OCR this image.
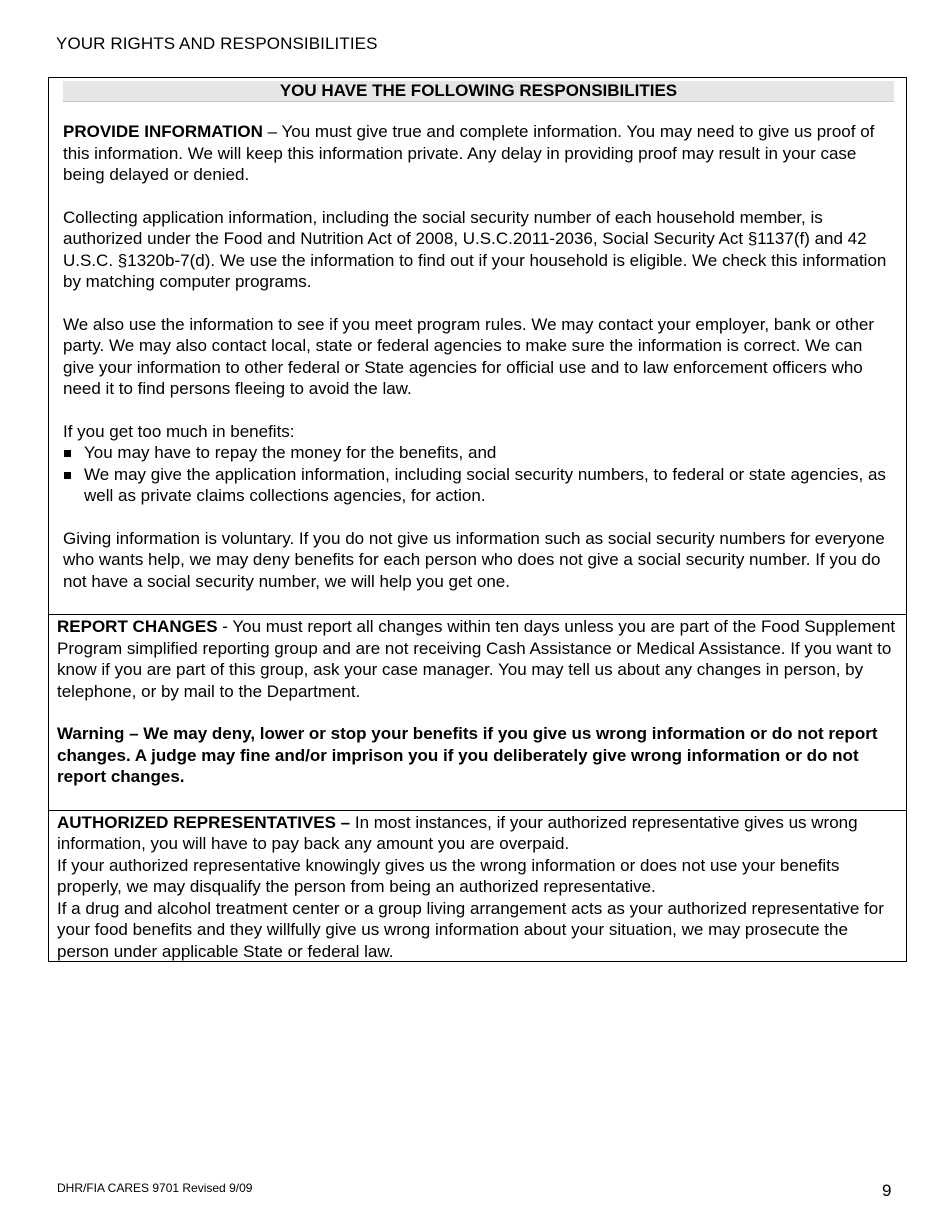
YOUR RIGHTS AND RESPONSIBILITIES
YOU HAVE THE FOLLOWING RESPONSIBILITIES

PROVIDE INFORMATION – You must give true and complete information. You may need to give us proof of this information. We will keep this information private. Any delay in providing proof may result in your case being delayed or denied.

Collecting application information, including the social security number of each household member, is authorized under the Food and Nutrition Act of 2008, U.S.C.2011-2036, Social Security Act §1137(f) and 42 U.S.C. §1320b-7(d). We use the information to find out if your household is eligible. We check this information by matching computer programs.

We also use the information to see if you meet program rules. We may contact your employer, bank or other party. We may also contact local, state or federal agencies to make sure the information is correct. We can give your information to other federal or State agencies for official use and to law enforcement officers who need it to find persons fleeing to avoid the law.

If you get too much in benefits:

You may have to repay the money for the benefits, and
We may give the application information, including social security numbers, to federal or state agencies, as well as private claims collections agencies, for action.

Giving information is voluntary. If you do not give us information such as social security numbers for everyone who wants help, we may deny benefits for each person who does not give a social security number. If you do not have a social security number, we will help you get one.

REPORT CHANGES - You must report all changes within ten days unless you are part of the Food Supplement Program simplified reporting group and are not receiving Cash Assistance or Medical Assistance. If you want to know if you are part of this group, ask your case manager. You may tell us about any changes in person, by telephone, or by mail to the Department.

Warning – We may deny, lower or stop your benefits if you give us wrong information or do not report changes. A judge may fine and/or imprison you if you deliberately give wrong information or do not report changes.

AUTHORIZED REPRESENTATIVES – In most instances, if your authorized representative gives us wrong information, you will have to pay back any amount you are overpaid.

If your authorized representative knowingly gives us the wrong information or does not use your benefits properly, we may disqualify the person from being an authorized representative.

If a drug and alcohol treatment center or a group living arrangement acts as your authorized representative for your food benefits and they willfully give us wrong information about your situation, we may prosecute the person under applicable State or federal law.

DHR/FIA CARES 9701 Revised 9/09	9
